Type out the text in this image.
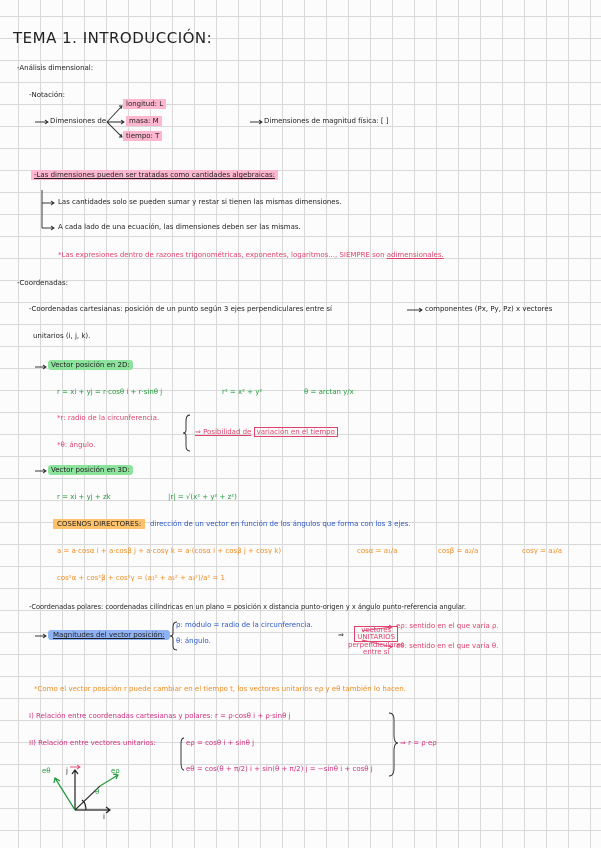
TEMA 1. INTRODUCCIÓN:
-Análisis dimensional:
-Notación:
Dimensiones de
longitud: L
masa: M
tiempo: T
Dimensiones de magnitud física: [ ]
-Las dimensiones pueden ser tratadas como cantidades algebraicas:
Las cantidades solo se pueden sumar y restar si tienen las mismas dimensiones.
A cada lado de una ecuación, las dimensiones deben ser las mismas.
*Las expresiones dentro de razones trigonométricas, exponentes, logaritmos..., SIEMPRE son adimensionales.
-Coordenadas:
-Coordenadas cartesianas: posición de un punto según 3 ejes perpendiculares entre sí	componentes (Px, Py, Pz) x vectores
unitarios (i, j, k).
Vector posición en 2D:
r = xi + yj = r·cosθ i + r·sinθ j	r² = x² + y²	θ = arctan y/x
*r: radio de la circunferencia.
*θ: ángulo.
⇒ Posibilidad de variación en el tiempo
Vector posición en 3D:
r = xi + yj + zk	|r| = √(x² + y² + z²)
COSENOS DIRECTORES:	dirección de un vector en función de los ángulos que forma con los 3 ejes.
a = a·cosα i + a·cosβ j + a·cosγ k = a·(cosα i + cosβ j + cosγ k)	cosα = a₁/a	cosβ = a₂/a	cosγ = a₃/a
cos²α + cos²β + cos²γ = (a₁² + a₂² + a₃²)/a² = 1
-Coordenadas polares: coordenadas cilíndricas en un plano = posición x distancia punto-origen y x ángulo punto-referencia angular.
Magnitudes del vector posición:
ρ: módulo = radio de la circunferencia.
θ: ángulo.
⇒
vectores
UNITARIOS
perpendiculares
entre sí
eρ: sentido en el que varía ρ.
eθ: sentido en el que varía θ.
*Como el vector posición r puede cambiar en el tiempo t, los vectores unitarios eρ y eθ también lo hacen.
I) Relación entre coordenadas cartesianas y polares: r = ρ·cosθ i + ρ·sinθ j
II) Relación entre vectores unitarios:	eρ = cosθ i + sinθ j
eθ = cos(θ + π/2) i + sin(θ + π/2) j = −sinθ i + cosθ j
⇒ r = ρ·eρ
eθ j	eρ
θ
i
